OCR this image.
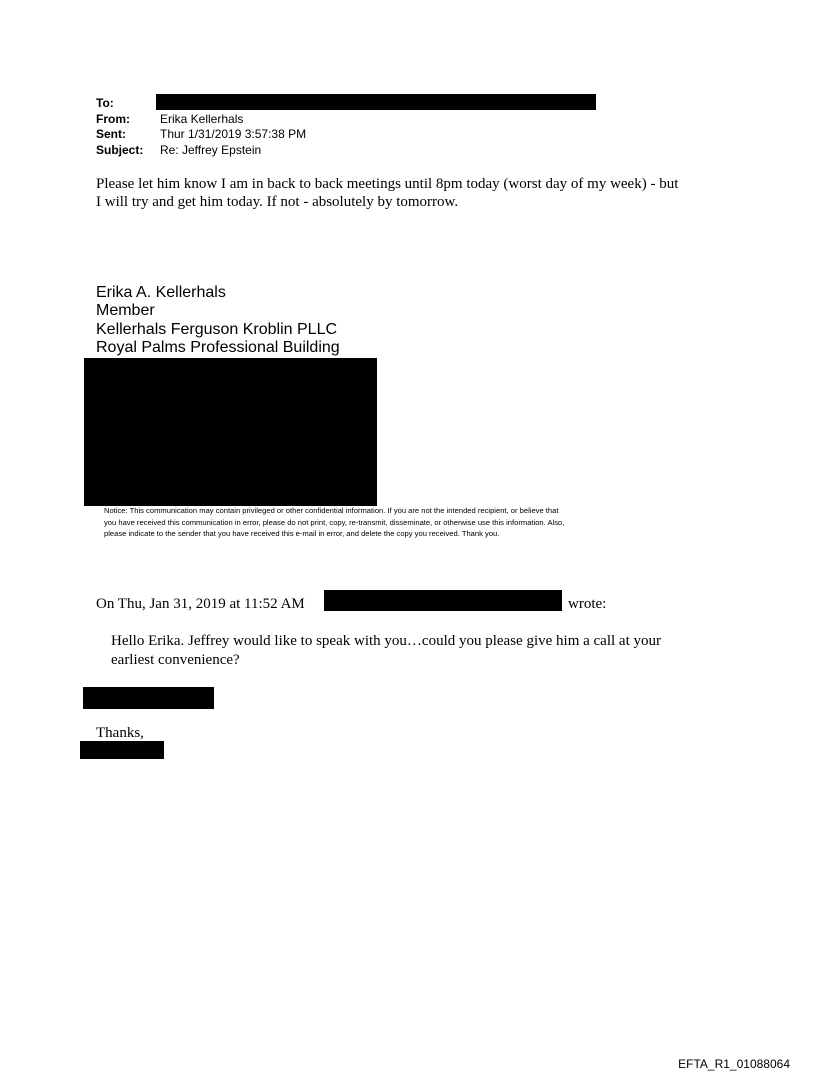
To:
From:	Erika Kellerhals
Sent:	Thur 1/31/2019 3:57:38 PM
Subject: Re: Jeffrey Epstein
Please let him know I am in back to back meetings until 8pm today (worst day of my week) - but
I will try and get him today. If not - absolutely by tomorrow.
Erika A. Kellerhals
Member
Kellerhals Ferguson Kroblin PLLC
Royal Palms Professional Building

Notice: This communication may contain privileged or other confidential information. If you are not the intended recipient, or believe that

you have received this communication in error, please do not print, copy, re-transmit, disseminate, or otherwise use this information. Also,

please indicate to the sender that you have received this e-mail in error, and delete the copy you received. Thank you.

On Thu, Jan 31, 2019 at 11:52 AM	wrote:
Hello Erika. Jeffrey would like to speak with you…could you please give him a call at your
earliest convenience?
Thanks,
EFTA_R1_01088064
